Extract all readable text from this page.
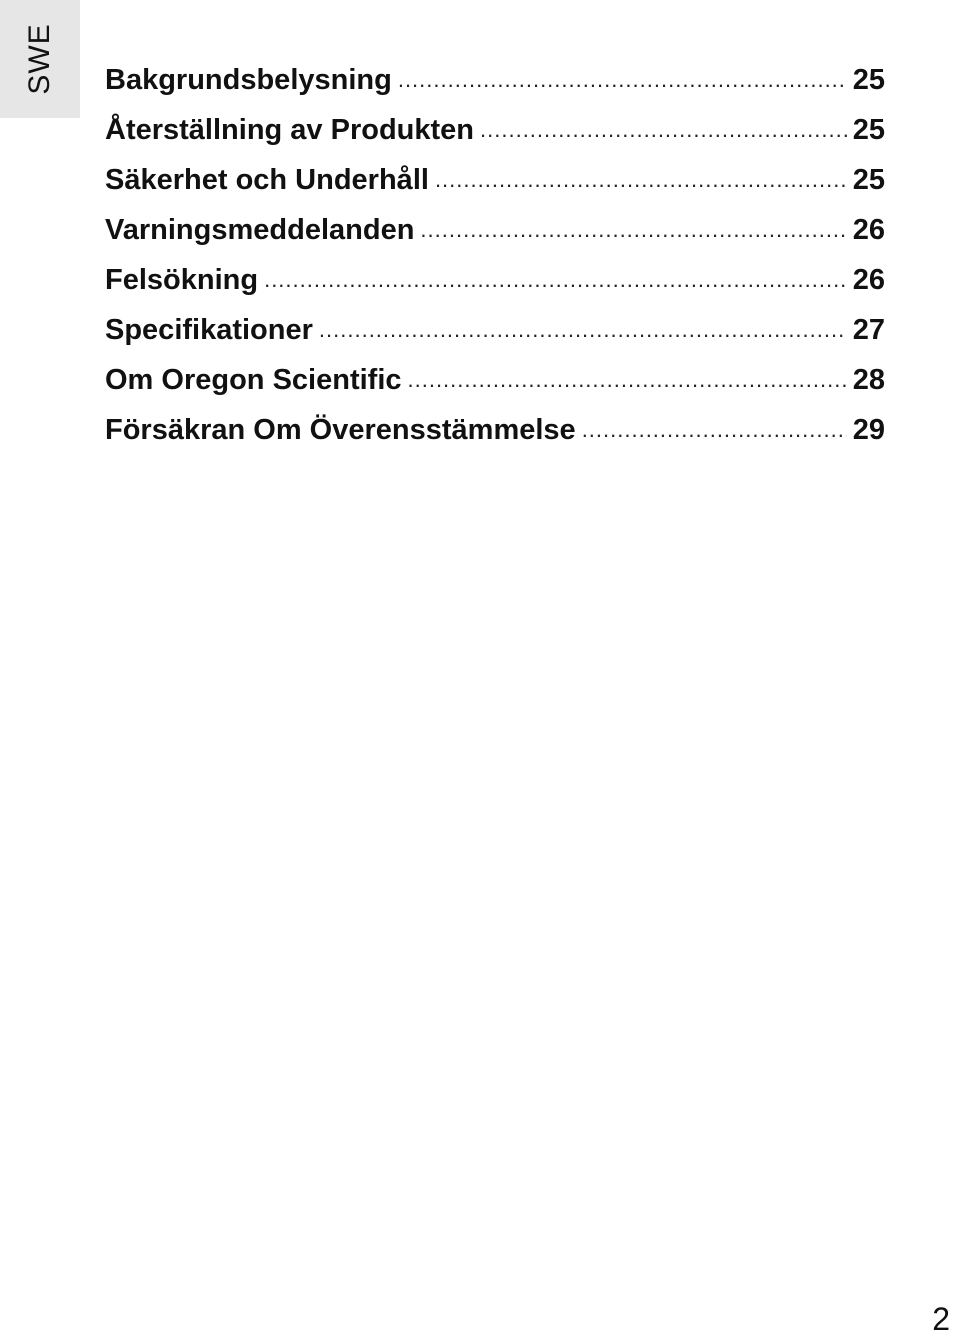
SWE Bakgrundsbelysning .....	25
Återställning av Produkten .....	25
Säkerhet och Underhåll .....	25
Varningsmeddelanden .....	26
Felsökning .....	26
Specifikationer .....	27
Om Oregon Scientific .....	28
Försäkran Om Överensstämmelse .....	29
2
